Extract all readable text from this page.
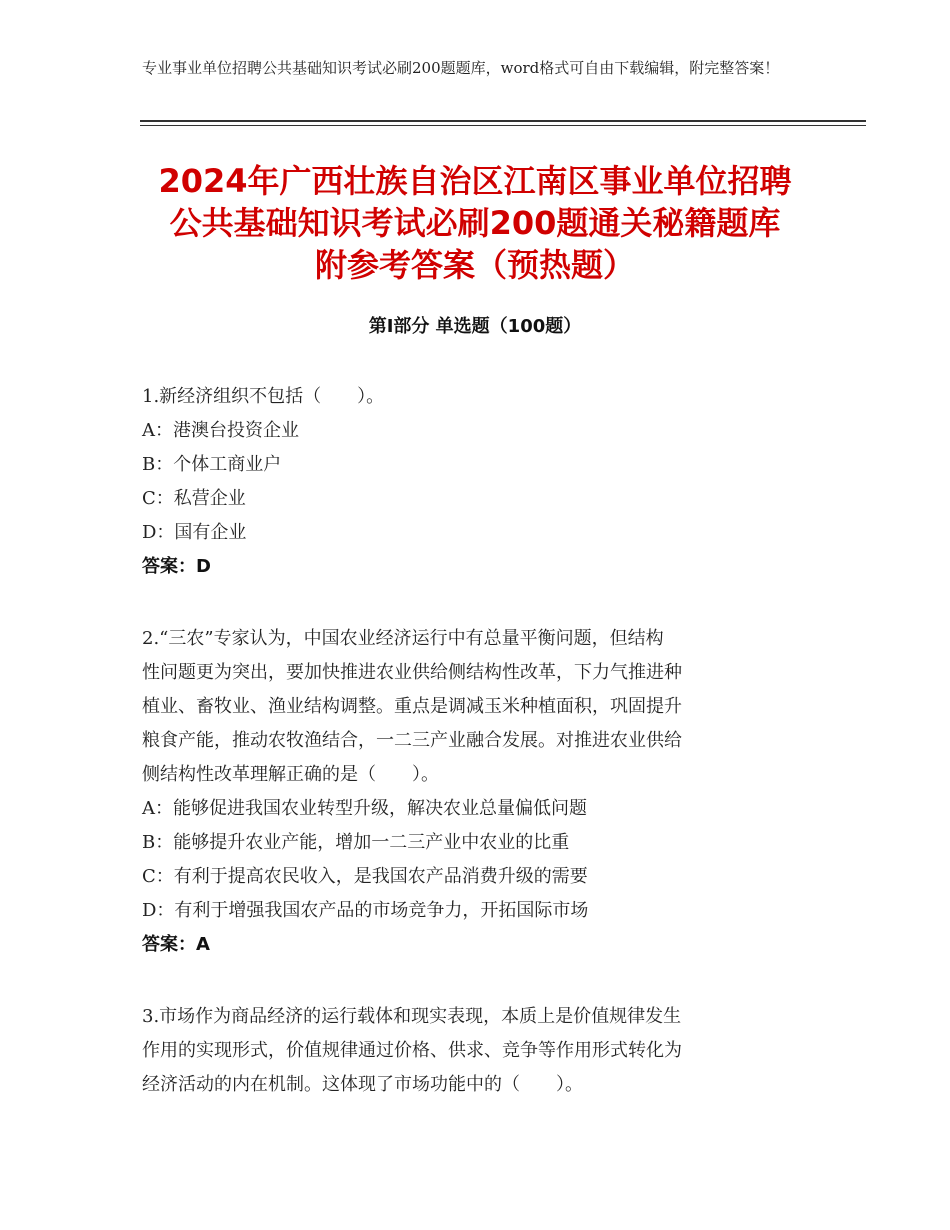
专业事业单位招聘公共基础知识考试必刷200题题库，word格式可自由下载编辑，附完整答案！
2024年广西壮族自治区江南区事业单位招聘
公共基础知识考试必刷200题通关秘籍题库
附参考答案（预热题）
第Ⅰ部分 单选题（100题）
1.新经济组织不包括（　　）。
A：港澳台投资企业
B：个体工商业户
C：私营企业
D：国有企业
答案：D
2.“三农”专家认为，中国农业经济运行中有总量平衡问题，但结构
性问题更为突出，要加快推进农业供给侧结构性改革，下力气推进种
植业、畜牧业、渔业结构调整。重点是调减玉米种植面积，巩固提升
粮食产能，推动农牧渔结合，一二三产业融合发展。对推进农业供给
侧结构性改革理解正确的是（　　）。
A：能够促进我国农业转型升级，解决农业总量偏低问题
B：能够提升农业产能，增加一二三产业中农业的比重
C：有利于提高农民收入，是我国农产品消费升级的需要
D：有利于增强我国农产品的市场竞争力，开拓国际市场
答案：A
3.市场作为商品经济的运行载体和现实表现，本质上是价值规律发生
作用的实现形式，价值规律通过价格、供求、竞争等作用形式转化为
经济活动的内在机制。这体现了市场功能中的（　　）。
